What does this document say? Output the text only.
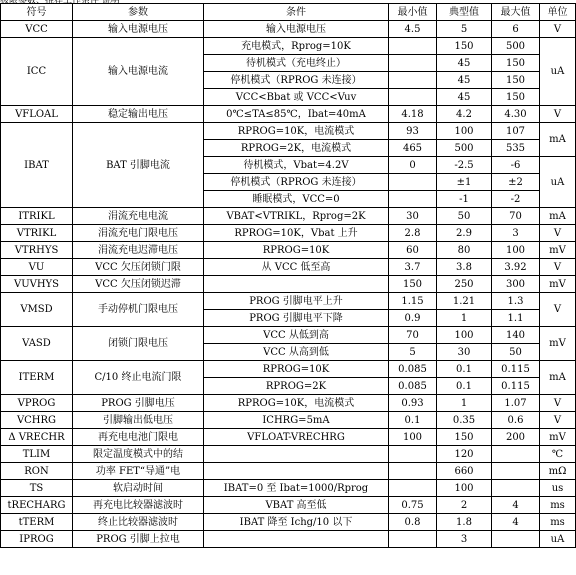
符号	参数	条件	最小值	典型值	最大值	单位
VCC	输入电源电压	输入电源电压	4.5	5	6	V
ICC	输入电源电流	充电模式，Rprog=10K		150	500	uA
		待机模式（充电终止）		45	150	
		停机模式（RPROG 未连接）		45	150	
		VCC<Bbat 或 VCC<Vuv		45	150	
VFLOAL	稳定输出电压	0℃≤TA≤85℃，Ibat=40mA	4.18	4.2	4.30	V
IBAT	BAT 引脚电流	RPROG=10K，电流模式	93	100	107	mA
		RPROG=2K，电流模式	465	500	535	
		待机模式，Vbat=4.2V	0	-2.5	-6	uA
		停机模式（RPROG 未连接）		±1	±2	
		睡眠模式，VCC=0		-1	-2	
ITRIKL	涓流充电电流	VBAT<VTRIKL，Rprog=2K	30	50	70	mA
VTRIKL	涓流充电门限电压	RPROG=10K，Vbat 上升	2.8	2.9	3	V
VTRHYS	涓流充电迟滞电压	RPROG=10K	60	80	100	mV
VU	VCC 欠压闭锁门限	从 VCC 低至高	3.7	3.8	3.92	V
VUVHYS	VCC 欠压闭锁迟滞		150	250	300	mV
VMSD	手动停机门限电压	PROG 引脚电平上升	1.15	1.21	1.3	V
		PROG 引脚电平下降	0.9	1	1.1	
VASD	闭锁门限电压	VCC 从低到高	70	100	140	mV
		VCC 从高到低	5	30	50	
ITERM	C/10 终止电流门限	RPROG=10K	0.085	0.1	0.115	mA
		RPROG=2K	0.085	0.1	0.115	
VPROG	PROG 引脚电压	RPROG=10K，电流模式	0.93	1	1.07	V
VCHRG	引脚输出低电压	ICHRG=5mA	0.1	0.35	0.6	V
Δ VRECHR	再充电电池门限电	VFLOAT-VRECHRG	100	150	200	mV
TLIM	限定温度模式中的结			120		℃
RON	功率 FET“导通”电			660		mΩ
TS	软启动时间	IBAT=0 至 Ibat=1000/Rprog		100		us
tRECHARG	再充电比较器滤波时	VBAT 高至低	0.75	2	4	ms
tTERM	终止比较器滤波时	IBAT 降至 Ichg/10 以下	0.8	1.8	4	ms
IPROG	PROG 引脚上拉电			3		uA
